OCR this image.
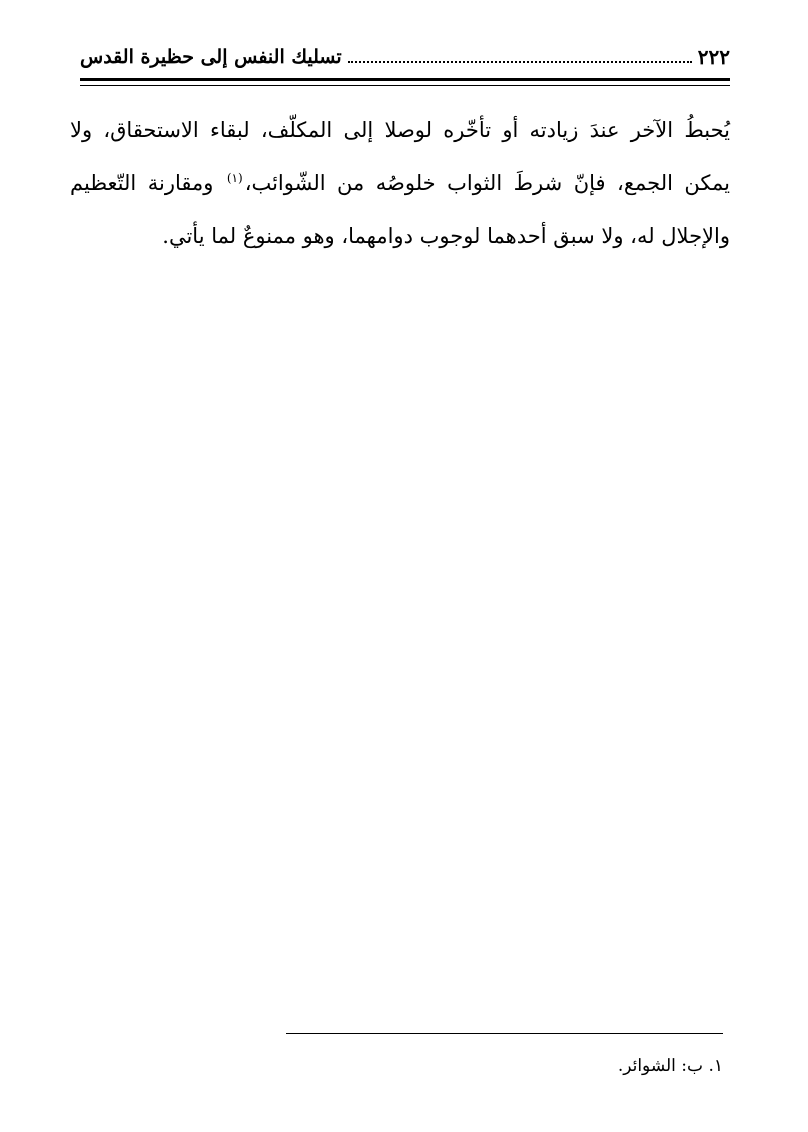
٢٢٢
تسليك النفس إلى حظيرة القدس

يُحبطُ الآخر عندَ زيادته أو تأخّره لوصلا إلى المكلّف، لبقاء الاستحقاق، ولا يمكن الجمع، فإنّ شرطَ الثواب خلوصُه من الشّوائب،$^{(١)}$ ومقارنة التّعظيم والإجلال له، ولا سبق أحدهما لوجوب دوامهما، وهو ممنوعٌ لما يأتي.

١. ب: الشوائر.
